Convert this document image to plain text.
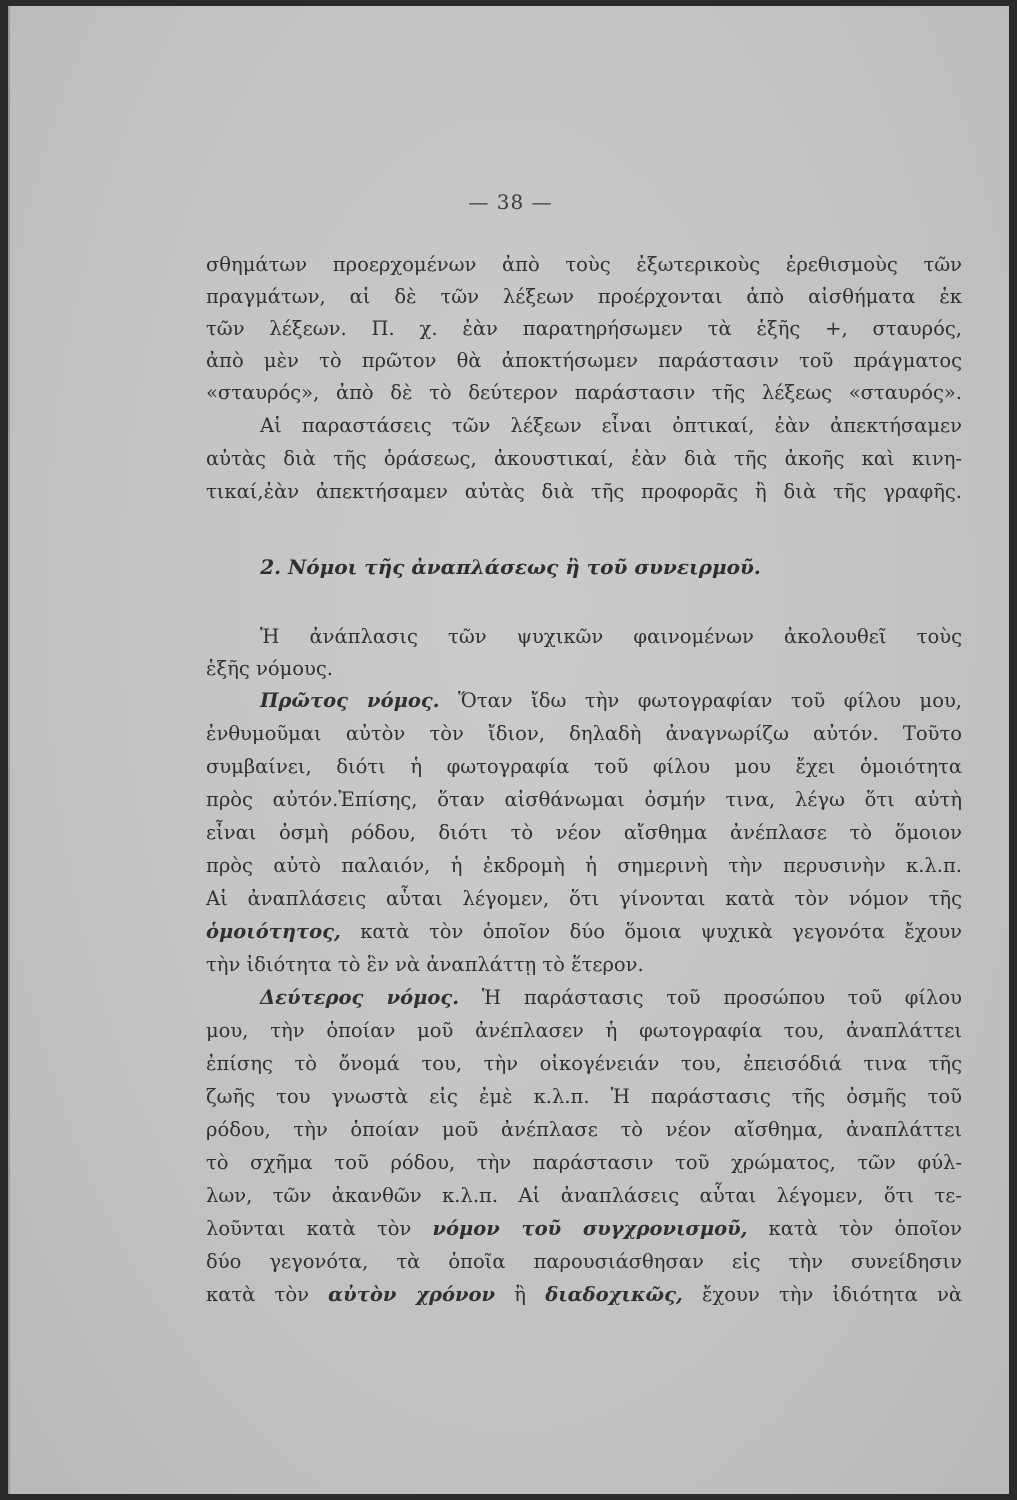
— 38 —
σθημάτων προερχομένων ἀπὸ τοὺς ἐξωτερικοὺς ἐρεθισμοὺς τῶν
πραγμάτων, αἱ δὲ τῶν λέξεων προέρχονται ἀπὸ αἰσθήματα ἐκ
τῶν λέξεων. Π. χ. ἐὰν παρατηρήσωμεν τὰ ἑξῆς +, σταυρός,
ἀπὸ μὲν τὸ πρῶτον θὰ ἀποκτήσωμεν παράστασιν τοῦ πράγματος
«σταυρός», ἀπὸ δὲ τὸ δεύτερον παράστασιν τῆς λέξεως «σταυρός».
Αἱ παραστάσεις τῶν λέξεων εἶναι ὀπτικαί, ἐὰν ἀπεκτήσαμεν
αὐτὰς διὰ τῆς ὁράσεως, ἀκουστικαί, ἐὰν διὰ τῆς ἀκοῆς καὶ κινη-
τικαί,ἐὰν ἀπεκτήσαμεν αὐτὰς διὰ τῆς προφορᾶς ἢ διὰ τῆς γραφῆς.
2. Νόμοι τῆς ἀναπλάσεως ἢ τοῦ συνειρμοῦ.
Ἡ ἀνάπλασις τῶν ψυχικῶν φαινομένων ἀκολουθεῖ τοὺς
ἑξῆς νόμους.
Πρῶτος νόμος. Ὅταν ἴδω τὴν φωτογραφίαν τοῦ φίλου μου,
ἐνθυμοῦμαι αὐτὸν τὸν ἴδιον, δηλαδὴ ἀναγνωρίζω αὐτόν. Τοῦτο
συμβαίνει, διότι ἡ φωτογραφία τοῦ φίλου μου ἔχει ὁμοιότητα
πρὸς αὐτόν.Ἐπίσης, ὅταν αἰσθάνωμαι ὀσμήν τινα, λέγω ὅτι αὐτὴ
εἶναι ὀσμὴ ρόδου, διότι τὸ νέον αἴσθημα ἀνέπλασε τὸ ὅμοιον
πρὸς αὐτὸ παλαιόν, ἡ ἐκδρομὴ ἡ σημερινὴ τὴν περυσινὴν κ.λ.π.
Αἱ ἀναπλάσεις αὗται λέγομεν, ὅτι γίνονται κατὰ τὸν νόμον τῆς
ὁμοιότητος, κατὰ τὸν ὁποῖον δύο ὅμοια ψυχικὰ γεγονότα ἔχουν
τὴν ἰδιότητα τὸ ἓν νὰ ἀναπλάττῃ τὸ ἕτερον.
Δεύτερος νόμος. Ἡ παράστασις τοῦ προσώπου τοῦ φίλου
μου, τὴν ὁποίαν μοῦ ἀνέπλασεν ἡ φωτογραφία του, ἀναπλάττει
ἐπίσης τὸ ὄνομά του, τὴν οἰκογένειάν του, ἐπεισόδιά τινα τῆς
ζωῆς του γνωστὰ εἰς ἐμὲ κ.λ.π. Ἡ παράστασις τῆς ὀσμῆς τοῦ
ρόδου, τὴν ὁποίαν μοῦ ἀνέπλασε τὸ νέον αἴσθημα, ἀναπλάττει
τὸ σχῆμα τοῦ ρόδου, τὴν παράστασιν τοῦ χρώματος, τῶν φύλ-
λων, τῶν ἀκανθῶν κ.λ.π. Αἱ ἀναπλάσεις αὗται λέγομεν, ὅτι τε-
λοῦνται κατὰ τὸν νόμον τοῦ συγχρονισμοῦ, κατὰ τὸν ὁποῖον
δύο γεγονότα, τὰ ὁποῖα παρουσιάσθησαν εἰς τὴν συνείδησιν
κατὰ τὸν αὐτὸν χρόνον ἢ διαδοχικῶς, ἔχουν τὴν ἰδιότητα νὰ
